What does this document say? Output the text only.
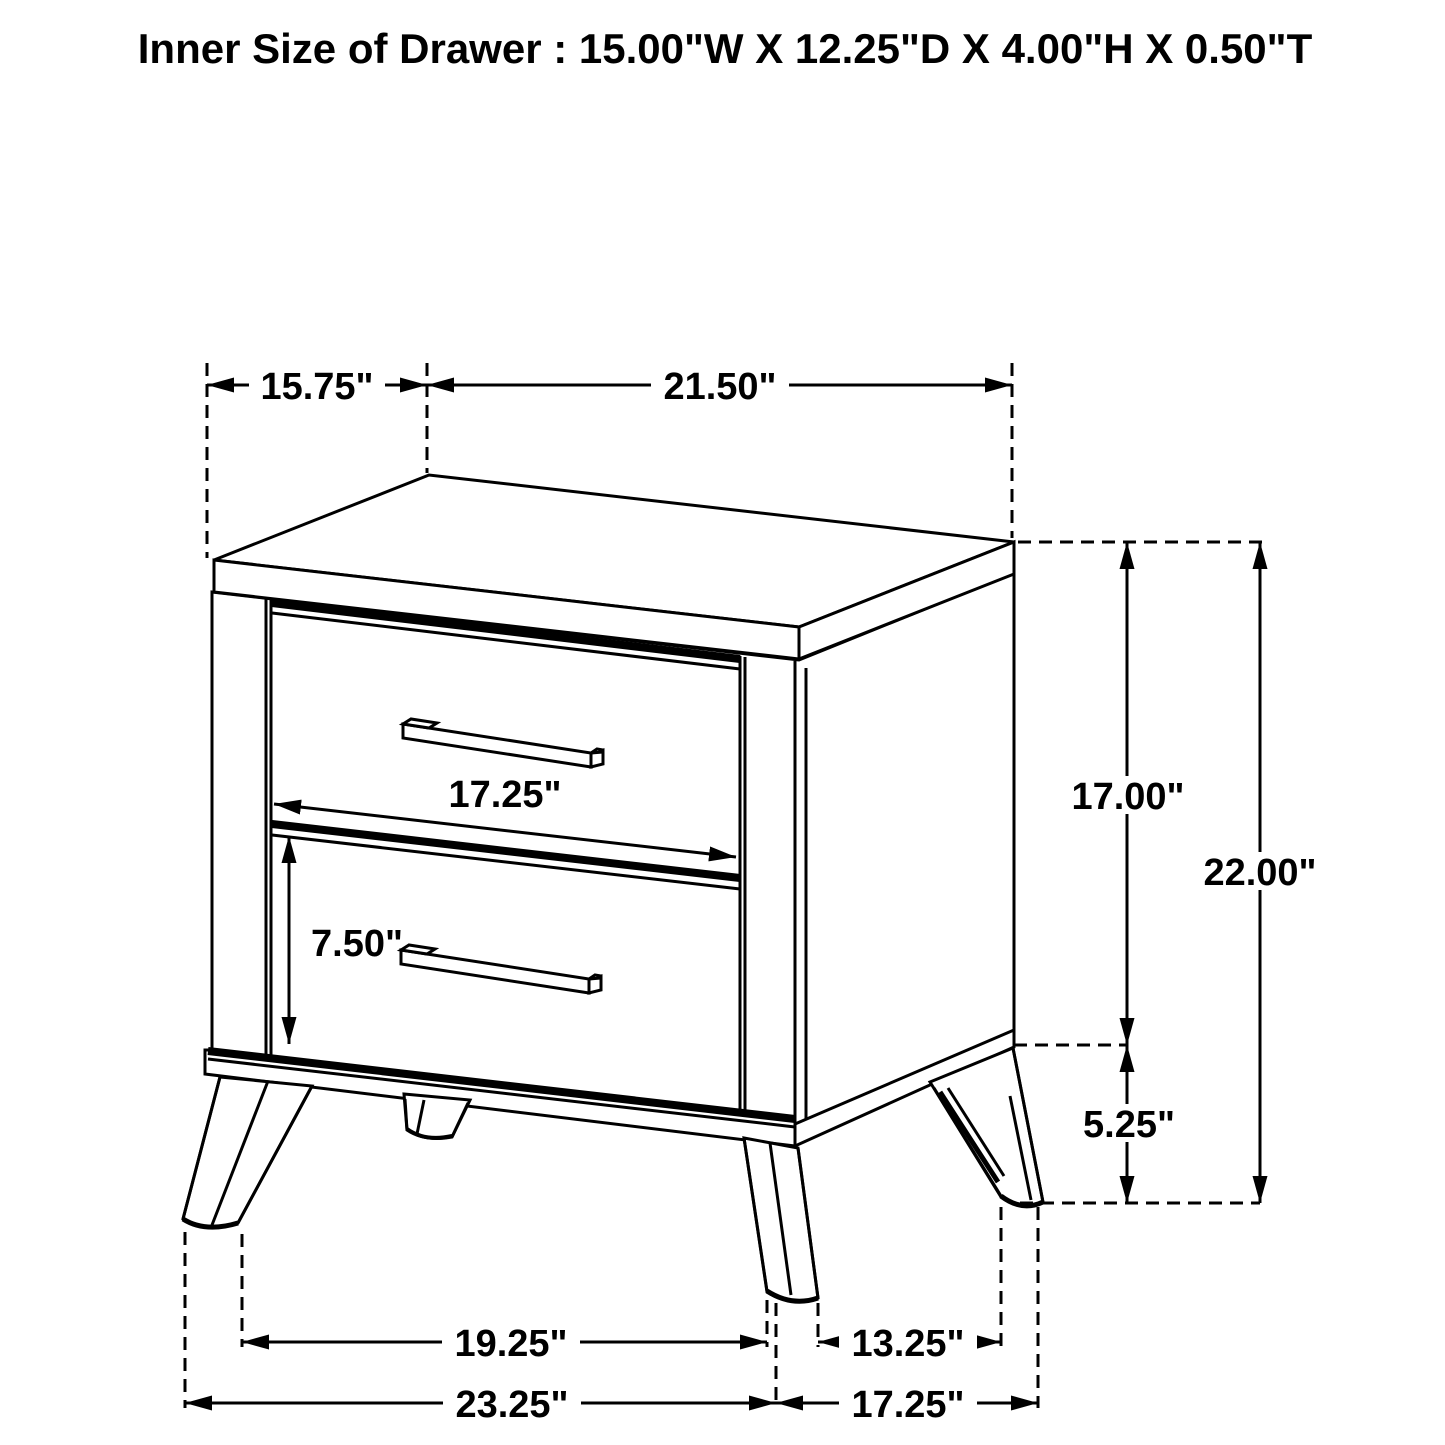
15.75"	21.50"
17.25"
7.50"
17.00"
22.00"
5.25"
19.25"	13.25"
23.25"	17.25"
Inner Size of Drawer : 15.00"W X 12.25"D X 4.00"H X 0.50"T
